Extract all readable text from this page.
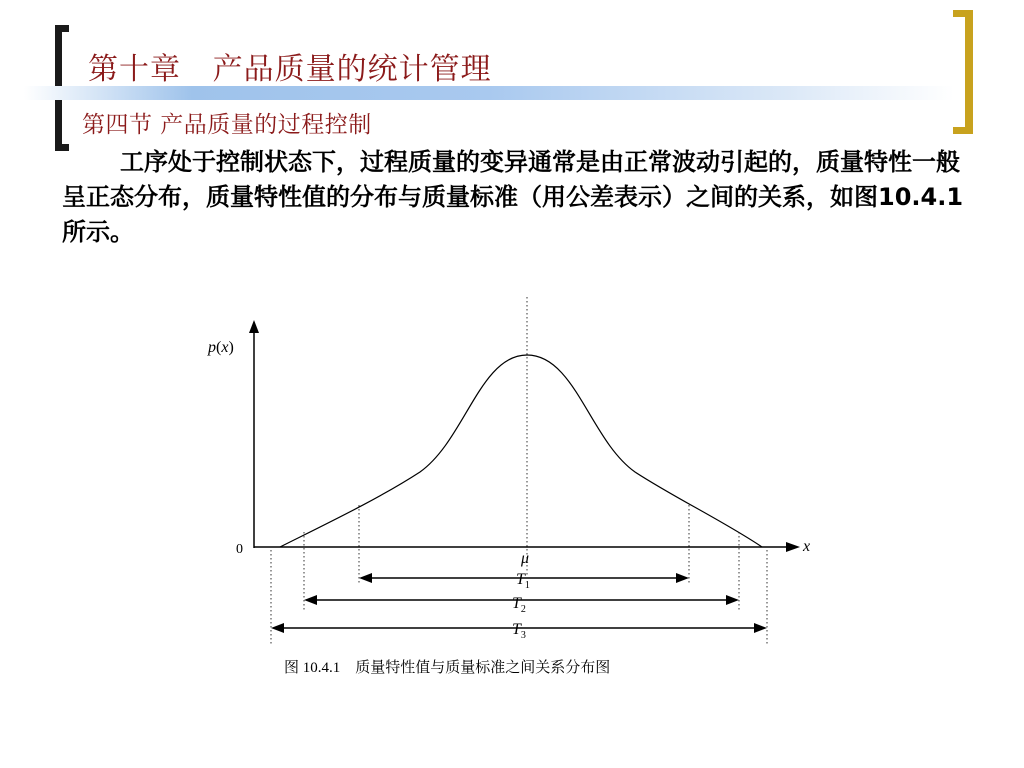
第十章   产品质量的统计管理
第四节 产品质量的过程控制

工序处于控制状态下，过程质量的变异通常是由正常波动引起的，质量特性一般呈正态分布，质量特性值的分布与质量标准（用公差表示）之间的关系，如图10.4.1所示。

p(x)
x
0
μ
$T_1$
$T_2$
$T_3$

图 10.4.1    质量特性值与质量标准之间关系分布图
